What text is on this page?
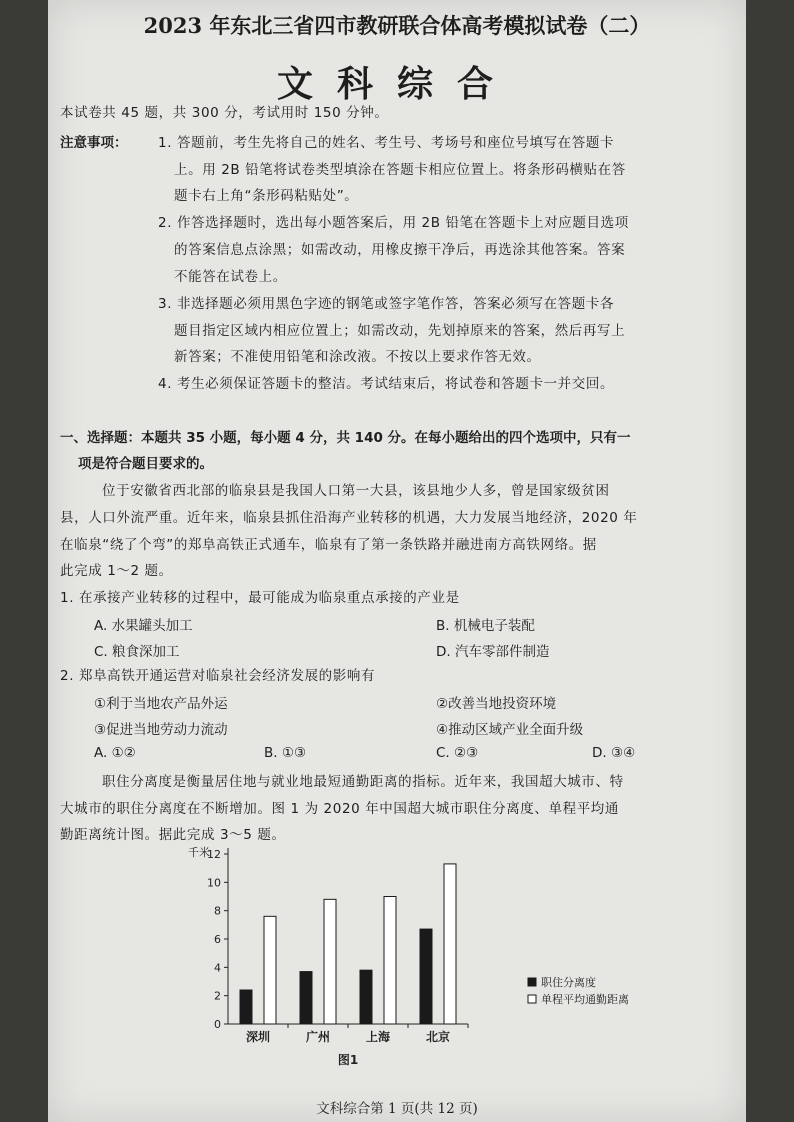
2023 年东北三省四市教研联合体高考模拟试卷（二）
文科综合
本试卷共 45 题，共 300 分，考试用时 150 分钟。
注意事项： 1. 答题前，考生先将自己的姓名、考生号、考场号和座位号填写在答题卡
上。用 2B 铅笔将试卷类型填涂在答题卡相应位置上。将条形码横贴在答
题卡右上角“条形码粘贴处”。
2. 作答选择题时，选出每小题答案后，用 2B 铅笔在答题卡上对应题目选项
的答案信息点涂黑；如需改动，用橡皮擦干净后，再选涂其他答案。答案
不能答在试卷上。
3. 非选择题必须用黑色字迹的钢笔或签字笔作答，答案必须写在答题卡各
题目指定区域内相应位置上；如需改动，先划掉原来的答案，然后再写上
新答案；不准使用铅笔和涂改液。不按以上要求作答无效。
4. 考生必须保证答题卡的整洁。考试结束后，将试卷和答题卡一并交回。
一、选择题：本题共 35 小题，每小题 4 分，共 140 分。在每小题给出的四个选项中，只有一
项是符合题目要求的。
位于安徽省西北部的临泉县是我国人口第一大县，该县地少人多，曾是国家级贫困
县，人口外流严重。近年来，临泉县抓住沿海产业转移的机遇，大力发展当地经济，2020 年
在临泉“绕了个弯”的郑阜高铁正式通车，临泉有了第一条铁路并融进南方高铁网络。据
此完成 1～2 题。
1. 在承接产业转移的过程中，最可能成为临泉重点承接的产业是
A. 水果罐头加工	B. 机械电子装配
C. 粮食深加工	D. 汽车零部件制造
2. 郑阜高铁开通运营对临泉社会经济发展的影响有
①利于当地农产品外运	②改善当地投资环境
③促进当地劳动力流动	④推动区域产业全面升级
A. ①②	B. ①③	C. ②③	D. ③④
职住分离度是衡量居住地与就业地最短通勤距离的指标。近年来，我国超大城市、特
大城市的职住分离度在不断增加。图 1 为 2020 年中国超大城市职住分离度、单程平均通
勤距离统计图。据此完成 3～5 题。
0
2
4
6
8
10
12
千米
深圳	广州	上海	北京
职住分离度
单程平均通勤距离
图1
文科综合第 1 页(共 12 页)
